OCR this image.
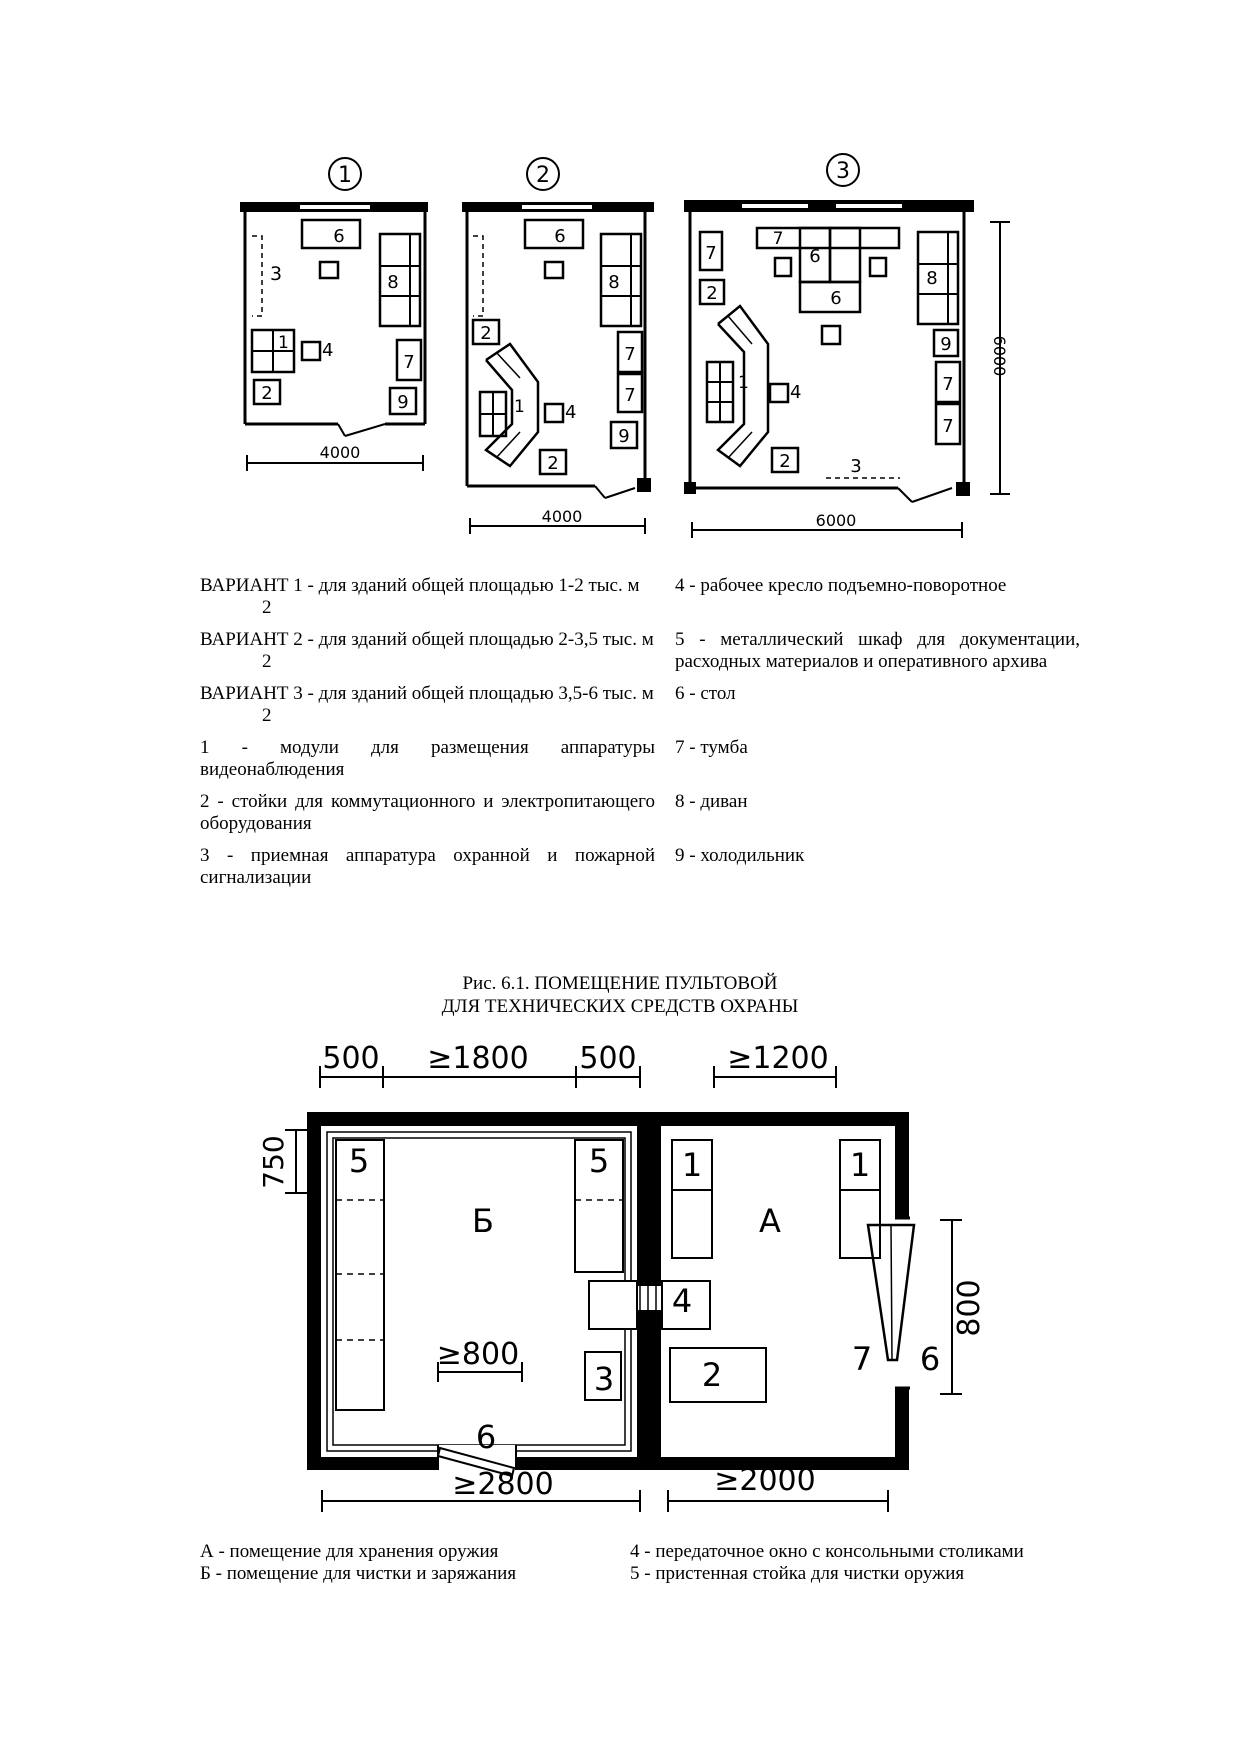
1
6
8
3
1 4
7
2	9
4000
2
6
8
2
1 4
2
7
7
9
4000
3
7
2
7
6
6
8
9
7
7
1 4
2	3
6000
6000
ВАРИАНТ 1 - для зданий общей площадью 1-2 тыс. м
2	4 - рабочее кресло подъемно-поворотное
ВАРИАНТ 2 - для зданий общей площадью 2-3,5 тыс. м
2	5 - металлический шкаф для документации, расходных материалов и оперативного архива
ВАРИАНТ 3 - для зданий общей площадью 3,5-6 тыс. м
2	6 - стол
1 - модули для размещения аппаратуры видеонаблюдения	7 - тумба
2 - стойки для коммутационного и электропитающего оборудования	8 - диван
3 - приемная аппаратура охранной и пожарной сигнализации	9 - холодильник
Рис. 6.1. ПОМЕЩЕНИЕ ПУЛЬТОВОЙ
ДЛЯ ТЕХНИЧЕСКИХ СРЕДСТВ ОХРАНЫ
500 ≥1800 500	≥1200
750
6
4
7 6
5	5
3
≥800
Б	А
1	1
2
800
≥2800	≥2000
А - помещение для хранения оружия	4 - передаточное окно с консольными столиками
Б - помещение для чистки и заряжания	5 - пристенная стойка для чистки оружия
